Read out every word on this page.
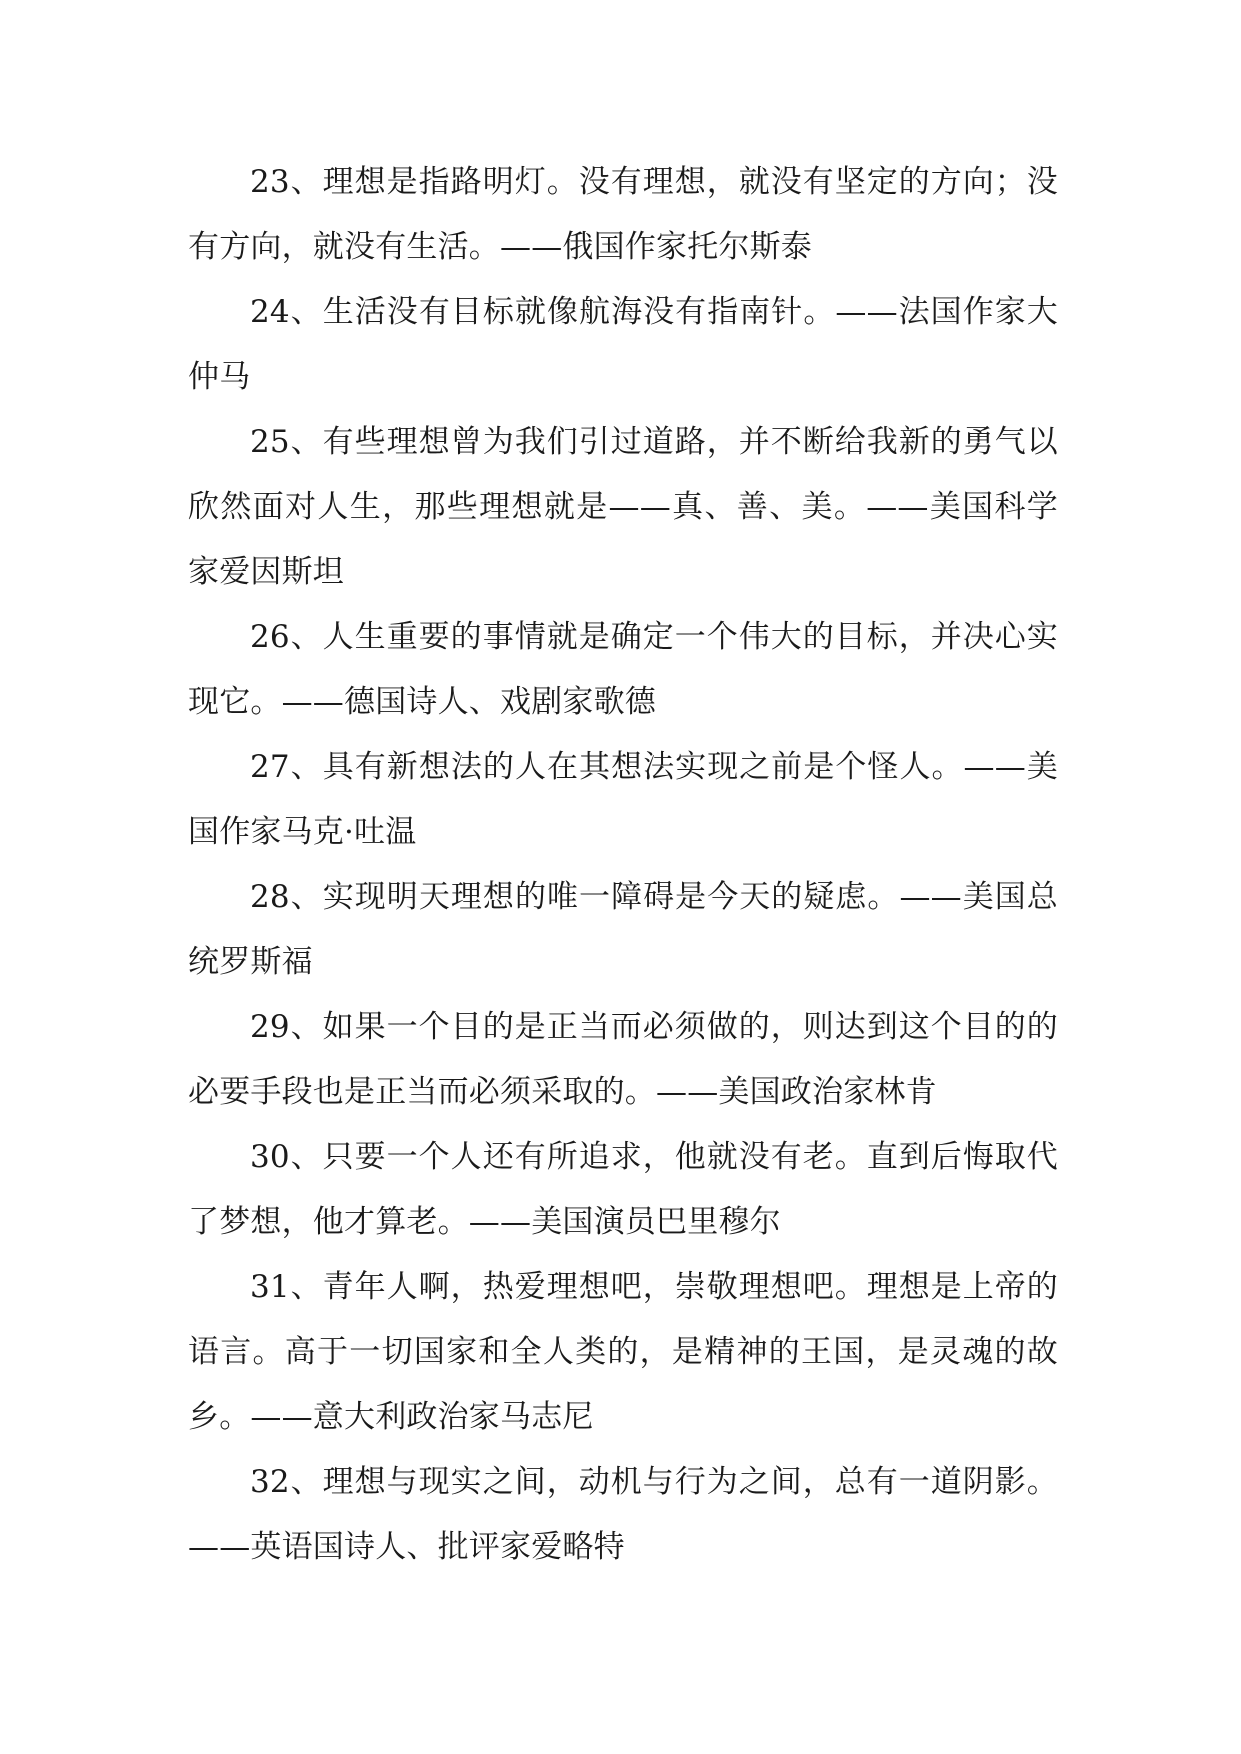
23、理想是指路明灯。没有理想，就没有坚定的方向；没有方向，就没有生活。——俄国作家托尔斯泰

24、生活没有目标就像航海没有指南针。——法国作家大仲马

25、有些理想曾为我们引过道路，并不断给我新的勇气以欣然面对人生，那些理想就是——真、善、美。——美国科学家爱因斯坦

26、人生重要的事情就是确定一个伟大的目标，并决心实现它。——德国诗人、戏剧家歌德

27、具有新想法的人在其想法实现之前是个怪人。——美国作家马克·吐温

28、实现明天理想的唯一障碍是今天的疑虑。——美国总统罗斯福

29、如果一个目的是正当而必须做的，则达到这个目的的必要手段也是正当而必须采取的。——美国政治家林肯

30、只要一个人还有所追求，他就没有老。直到后悔取代了梦想，他才算老。——美国演员巴里穆尔

31、青年人啊，热爱理想吧，崇敬理想吧。理想是上帝的语言。高于一切国家和全人类的，是精神的王国，是灵魂的故乡。——意大利政治家马志尼

32、理想与现实之间，动机与行为之间，总有一道阴影。——英语国诗人、批评家爱略特
